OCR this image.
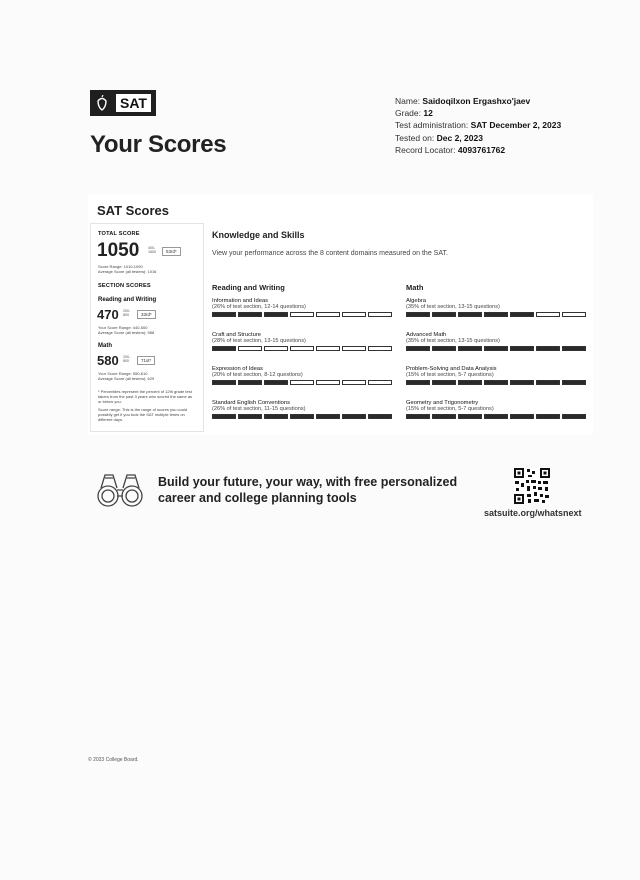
SAT
Your Scores
Name: Saidoqilxon Ergashxo'jaev
Grade: 12
Test administration: SAT December 2, 2023
Tested on: Dec 2, 2023
Record Locator: 4093761762
SAT Scores
TOTAL SCORE
1050 400-
1600	53rd*
Score Range: 1010-1090
Average Score (all testers): 1016
SECTION SCORES
Reading and Writing
470 200-
800	33rd*
Your Score Range: 440-500
Average Score (all testers): 588
Math
580 200-
800	71st*
Your Score Range: 550-610
Average Score (all testers): 629
* Percentiles represent the percent of 12th grade test takers from the past 3 years who scored the same as or below you.
Score range: This is the range of scores you could possibly get if you took the SAT multiple times on different days.
Knowledge and Skills
View your performance across the 8 content domains measured on the SAT.
Reading and Writing	Math
Information and Ideas
(26% of test section, 12-14 questions)
Craft and Structure
(28% of test section, 13-15 questions)
Expression of Ideas
(20% of test section, 8-12 questions)
Standard English Conventions
(26% of test section, 11-15 questions)
Algebra
(35% of test section, 13-15 questions)
Advanced Math
(35% of test section, 13-15 questions)
Problem-Solving and Data Analysis
(15% of test section, 5-7 questions)
Geometry and Trigonometry
(15% of test section, 5-7 questions)
Build your future, your way, with free personalized career and college planning tools
satsuite.org/whatsnext
© 2023 College Board.
